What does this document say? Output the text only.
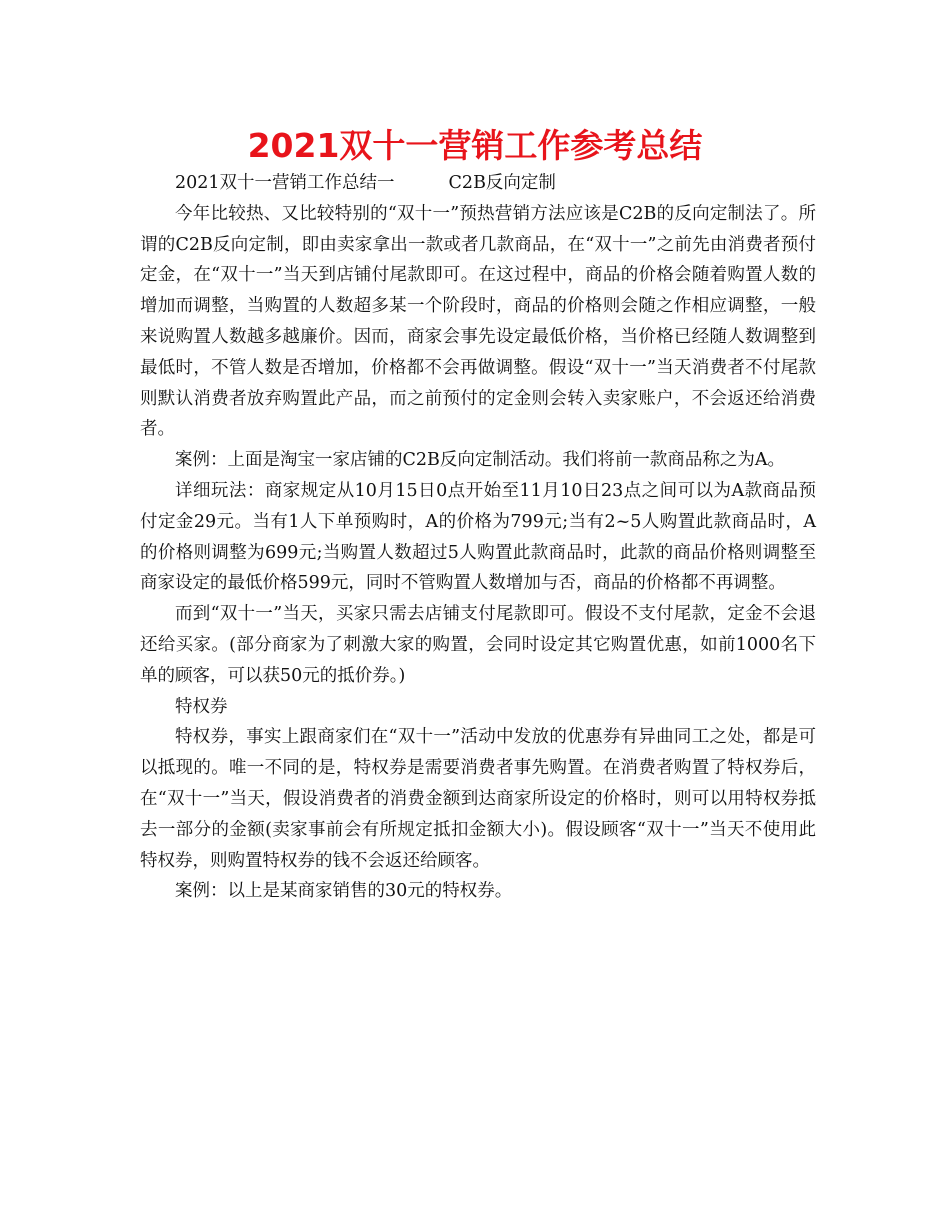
2021双十一营销工作参考总结

2021双十一营销工作总结一	C2B反向定制

今年比较热、又比较特别的“双十一”预热营销方法应该是C2B的反向定制法了。所谓的C2B反向定制，即由卖家拿出一款或者几款商品，在“双十一”之前先由消费者预付定金，在“双十一”当天到店铺付尾款即可。在这过程中，商品的价格会随着购置人数的增加而调整，当购置的人数超多某一个阶段时，商品的价格则会随之作相应调整，一般来说购置人数越多越廉价。因而，商家会事先设定最低价格，当价格已经随人数调整到最低时，不管人数是否增加，价格都不会再做调整。假设“双十一”当天消费者不付尾款则默认消费者放弃购置此产品，而之前预付的定金则会转入卖家账户，不会返还给消费者。

案例：上面是淘宝一家店铺的C2B反向定制活动。我们将前一款商品称之为A。

详细玩法：商家规定从10月15日0点开始至11月10日23点之间可以为A款商品预付定金29元。当有1人下单预购时，A的价格为799元;当有2~5人购置此款商品时，A的价格则调整为699元;当购置人数超过5人购置此款商品时，此款的商品价格则调整至商家设定的最低价格599元，同时不管购置人数增加与否，商品的价格都不再调整。

而到“双十一”当天，买家只需去店铺支付尾款即可。假设不支付尾款，定金不会退还给买家。(部分商家为了刺激大家的购置，会同时设定其它购置优惠，如前1000名下单的顾客，可以获50元的抵价券。)

特权券

特权券，事实上跟商家们在“双十一”活动中发放的优惠券有异曲同工之处，都是可以抵现的。唯一不同的是，特权券是需要消费者事先购置。在消费者购置了特权券后，在“双十一”当天，假设消费者的消费金额到达商家所设定的价格时，则可以用特权券抵去一部分的金额(卖家事前会有所规定抵扣金额大小)。假设顾客“双十一”当天不使用此特权券，则购置特权券的钱不会返还给顾客。

案例：以上是某商家销售的30元的特权券。
